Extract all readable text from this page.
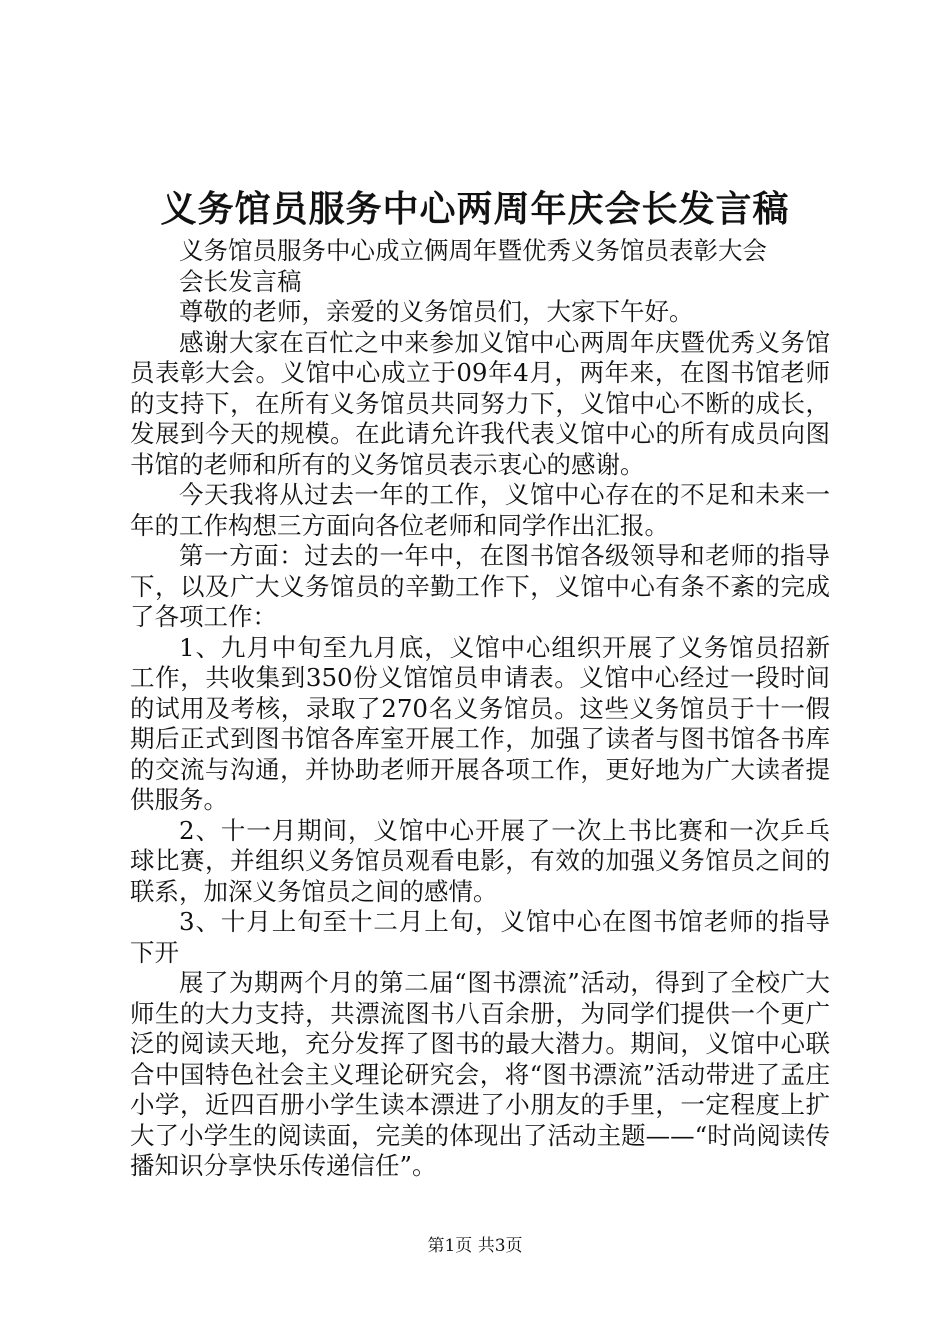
义务馆员服务中心两周年庆会长发言稿

义务馆员服务中心成立俩周年暨优秀义务馆员表彰大会

会长发言稿

尊敬的老师，亲爱的义务馆员们，大家下午好。

感谢大家在百忙之中来参加义馆中心两周年庆暨优秀义务馆员表彰大会。义馆中心成立于09年4月，两年来，在图书馆老师的支持下，在所有义务馆员共同努力下，义馆中心不断的成长，发展到今天的规模。在此请允许我代表义馆中心的所有成员向图书馆的老师和所有的义务馆员表示衷心的感谢。

今天我将从过去一年的工作，义馆中心存在的不足和未来一年的工作构想三方面向各位老师和同学作出汇报。

第一方面：过去的一年中，在图书馆各级领导和老师的指导下，以及广大义务馆员的辛勤工作下，义馆中心有条不紊的完成了各项工作：

1、九月中旬至九月底，义馆中心组织开展了义务馆员招新工作，共收集到350份义馆馆员申请表。义馆中心经过一段时间的试用及考核，录取了270名义务馆员。这些义务馆员于十一假期后正式到图书馆各库室开展工作，加强了读者与图书馆各书库的交流与沟通，并协助老师开展各项工作，更好地为广大读者提供服务。

2、十一月期间，义馆中心开展了一次上书比赛和一次乒乓球比赛，并组织义务馆员观看电影，有效的加强义务馆员之间的联系，加深义务馆员之间的感情。

3、十月上旬至十二月上旬，义馆中心在图书馆老师的指导下开

展了为期两个月的第二届“图书漂流”活动，得到了全校广大师生的大力支持，共漂流图书八百余册，为同学们提供一个更广泛的阅读天地，充分发挥了图书的最大潜力。期间，义馆中心联合中国特色社会主义理论研究会，将“图书漂流”活动带进了孟庄小学，近四百册小学生读本漂进了小朋友的手里，一定程度上扩大了小学生的阅读面，完美的体现出了活动主题——“时尚阅读传播知识分享快乐传递信任”。

第1页 共3页
